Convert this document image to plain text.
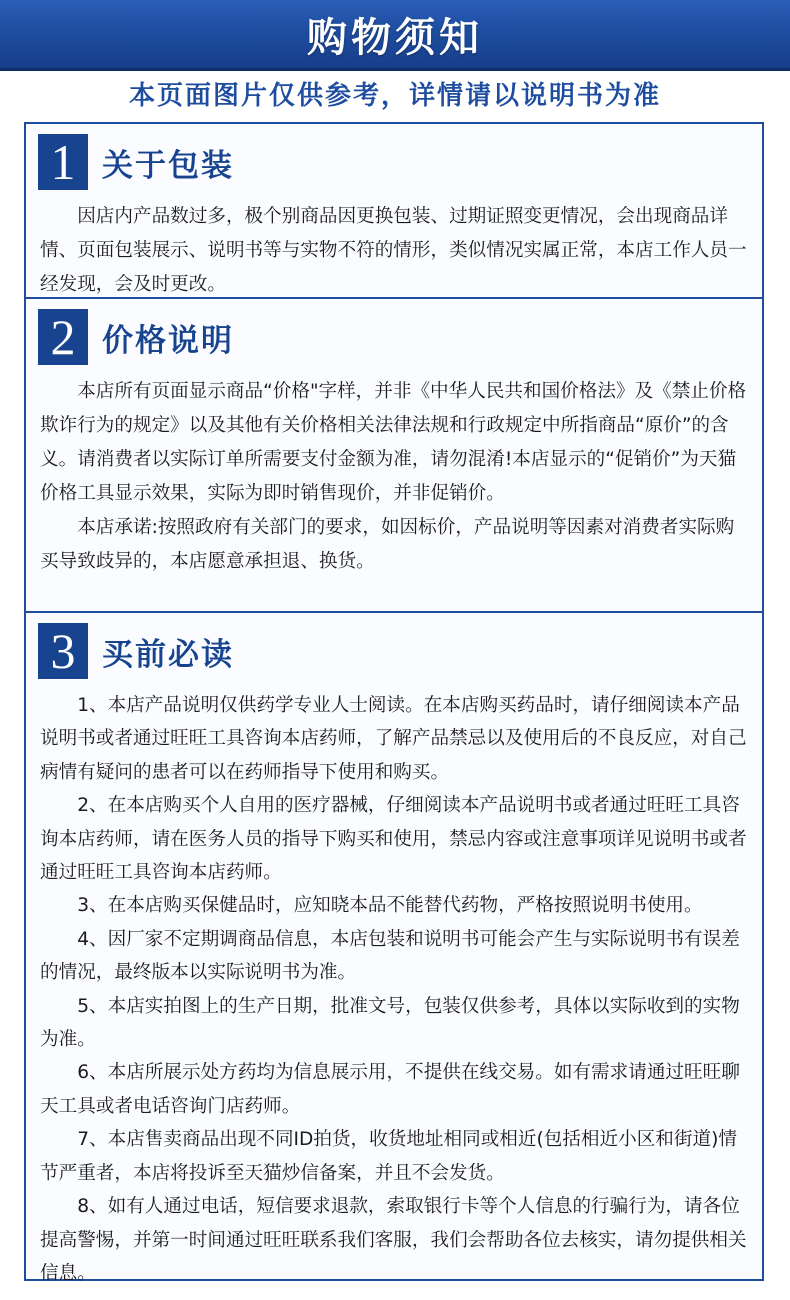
购物须知
本页面图片仅供参考，详情请以说明书为准
1 关于包装

因店内产品数过多，极个别商品因更换包装、过期证照变更情况，会出现商品详情、页面包装展示、说明书等与实物不符的情形，类似情况实属正常，本店工作人员一经发现，会及时更改。

2 价格说明

本店所有页面显示商品“价格"字样，并非《中华人民共和国价格法》及《禁止价格欺诈行为的规定》以及其他有关价格相关法律法规和行政规定中所指商品“原价”的含义。请消费者以实际订单所需要支付金额为准，请勿混淆!本店显示的“促销价”为天猫价格工具显示效果，实际为即时销售现价，并非促销价。

本店承诺:按照政府有关部门的要求，如因标价，产品说明等因素对消费者实际购买导致歧异的，本店愿意承担退、换货。

3 买前必读

1、本店产品说明仅供药学专业人士阅读。在本店购买药品时，请仔细阅读本产品说明书或者通过旺旺工具咨询本店药师，了解产品禁忌以及使用后的不良反应，对自己病情有疑问的患者可以在药师指导下使用和购买。

2、在本店购买个人自用的医疗器械，仔细阅读本产品说明书或者通过旺旺工具咨询本店药师，请在医务人员的指导下购买和使用，禁忌内容或注意事项详见说明书或者通过旺旺工具咨询本店药师。

3、在本店购买保健品时，应知晓本品不能替代药物，严格按照说明书使用。

4、因厂家不定期调商品信息，本店包装和说明书可能会产生与实际说明书有误差的情况，最终版本以实际说明书为准。

5、本店实拍图上的生产日期，批准文号，包装仅供参考，具体以实际收到的实物为准。

6、本店所展示处方药均为信息展示用，不提供在线交易。如有需求请通过旺旺聊天工具或者电话咨询门店药师。

7、本店售卖商品出现不同ID拍货，收货地址相同或相近(包括相近小区和街道)情节严重者，本店将投诉至天猫炒信备案，并且不会发货。

8、如有人通过电话，短信要求退款，索取银行卡等个人信息的行骗行为，请各位提高警惕，并第一时间通过旺旺联系我们客服，我们会帮助各位去核实，请勿提供相关信息。
